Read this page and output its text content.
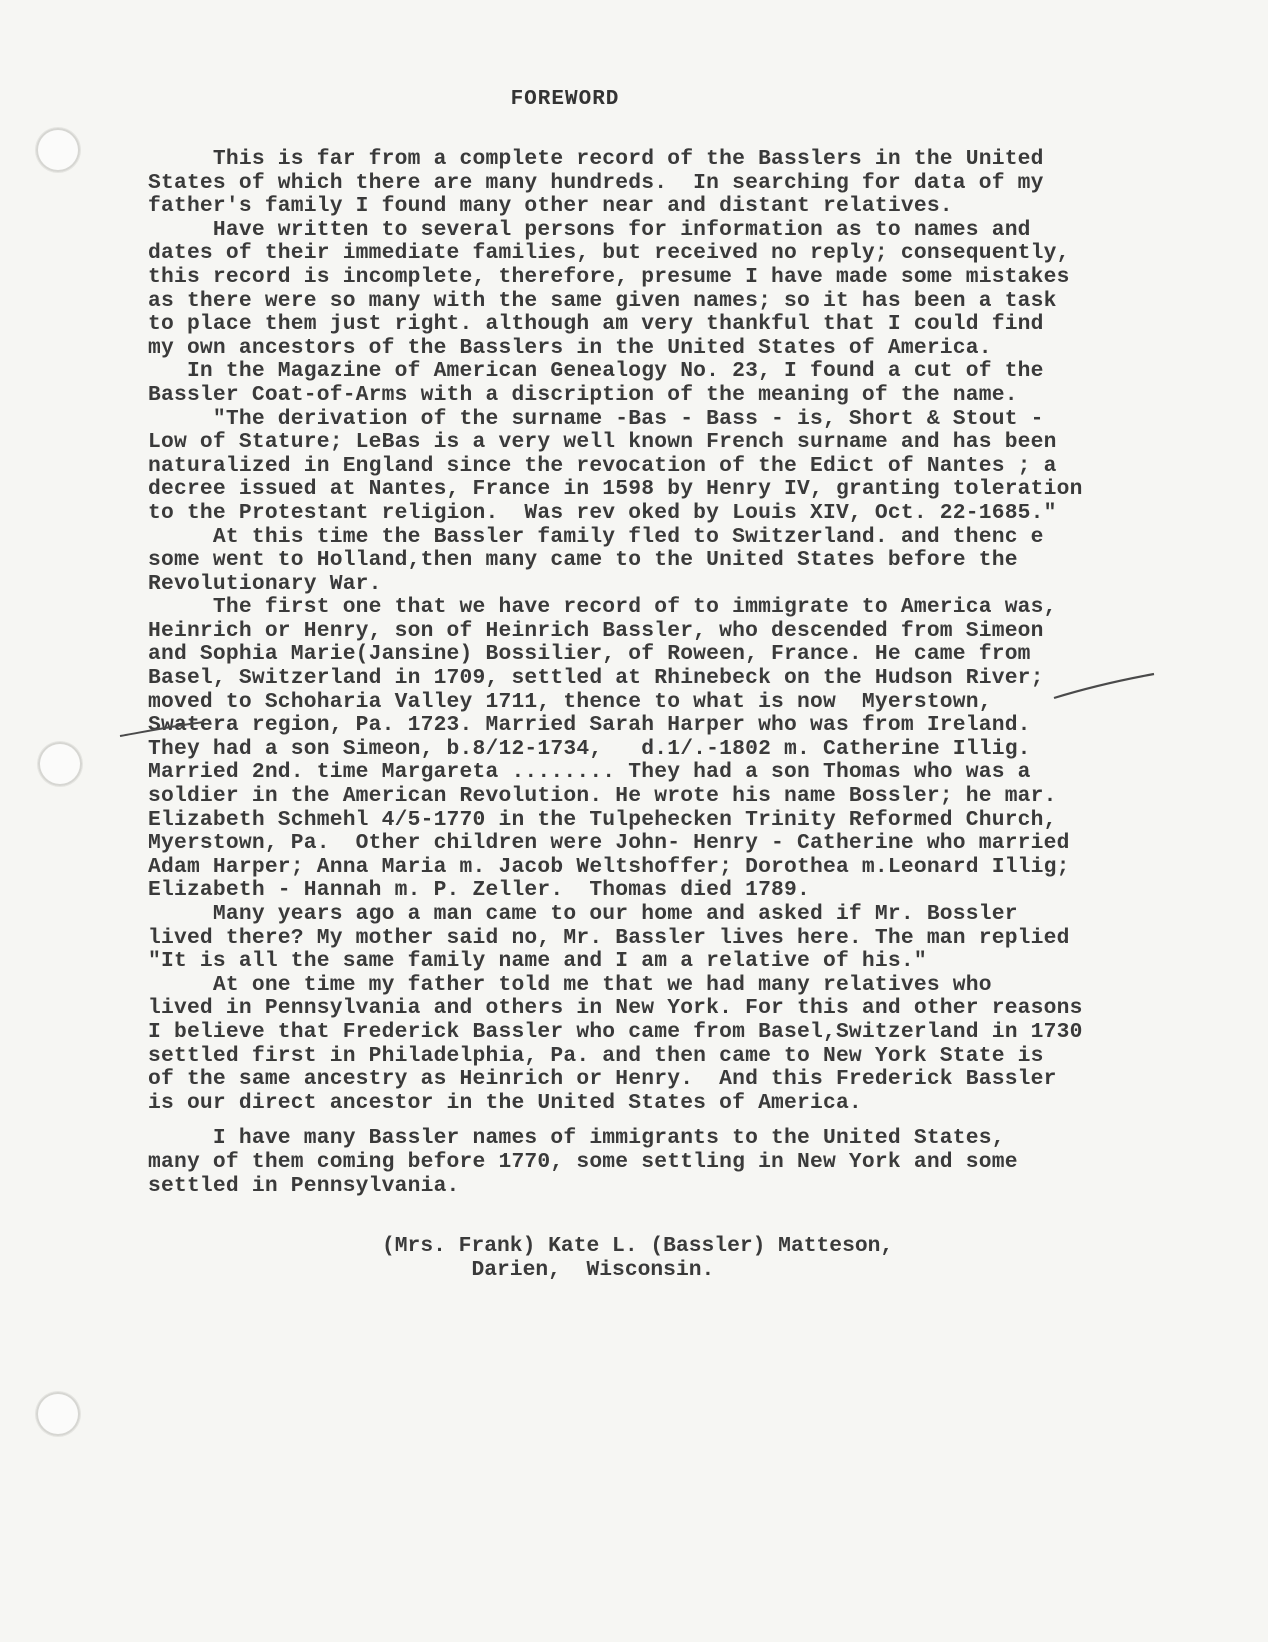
FOREWORD
This is far from a complete record of the Basslers in the United
States of which there are many hundreds.  In searching for data of my
father's family I found many other near and distant relatives.
Have written to several persons for information as to names and
dates of their immediate families, but received no reply; consequently,
this record is incomplete, therefore, presume I have made some mistakes
as there were so many with the same given names; so it has been a task
to place them just right. although am very thankful that I could find
my own ancestors of the Basslers in the United States of America.
In the Magazine of American Genealogy No. 23, I found a cut of the
Bassler Coat-of-Arms with a discription of the meaning of the name.
"The derivation of the surname -Bas - Bass - is, Short & Stout -
Low of Stature; LeBas is a very well known French surname and has been
naturalized in England since the revocation of the Edict of Nantes ; a
decree issued at Nantes, France in 1598 by Henry IV, granting toleration
to the Protestant religion.  Was rev oked by Louis XIV, Oct. 22-1685."
At this time the Bassler family fled to Switzerland. and thenc e
some went to Holland,then many came to the United States before the
Revolutionary War.
The first one that we have record of to immigrate to America was,
Heinrich or Henry, son of Heinrich Bassler, who descended from Simeon
and Sophia Marie(Jansine) Bossilier, of Roween, France. He came from
Basel, Switzerland in 1709, settled at Rhinebeck on the Hudson River;
moved to Schoharia Valley 1711, thence to what is now  Myerstown,
Swatera region, Pa. 1723. Married Sarah Harper who was from Ireland.
They had a son Simeon, b.8/12-1734,   d.1/.-1802 m. Catherine Illig.
Married 2nd. time Margareta ........ They had a son Thomas who was a
soldier in the American Revolution. He wrote his name Bossler; he mar.
Elizabeth Schmehl 4/5-1770 in the Tulpehecken Trinity Reformed Church,
Myerstown, Pa.  Other children were John- Henry - Catherine who married
Adam Harper; Anna Maria m. Jacob Weltshoffer; Dorothea m.Leonard Illig;
Elizabeth - Hannah m. P. Zeller.  Thomas died 1789.
Many years ago a man came to our home and asked if Mr. Bossler
lived there? My mother said no, Mr. Bassler lives here. The man replied
"It is all the same family name and I am a relative of his."
At one time my father told me that we had many relatives who
lived in Pennsylvania and others in New York. For this and other reasons
I believe that Frederick Bassler who came from Basel,Switzerland in 1730
settled first in Philadelphia, Pa. and then came to New York State is
of the same ancestry as Heinrich or Henry.  And this Frederick Bassler
is our direct ancestor in the United States of America.
I have many Bassler names of immigrants to the United States,
many of them coming before 1770, some settling in New York and some
settled in Pennsylvania.
(Mrs. Frank) Kate L. (Bassler) Matteson,
Darien,  Wisconsin.
